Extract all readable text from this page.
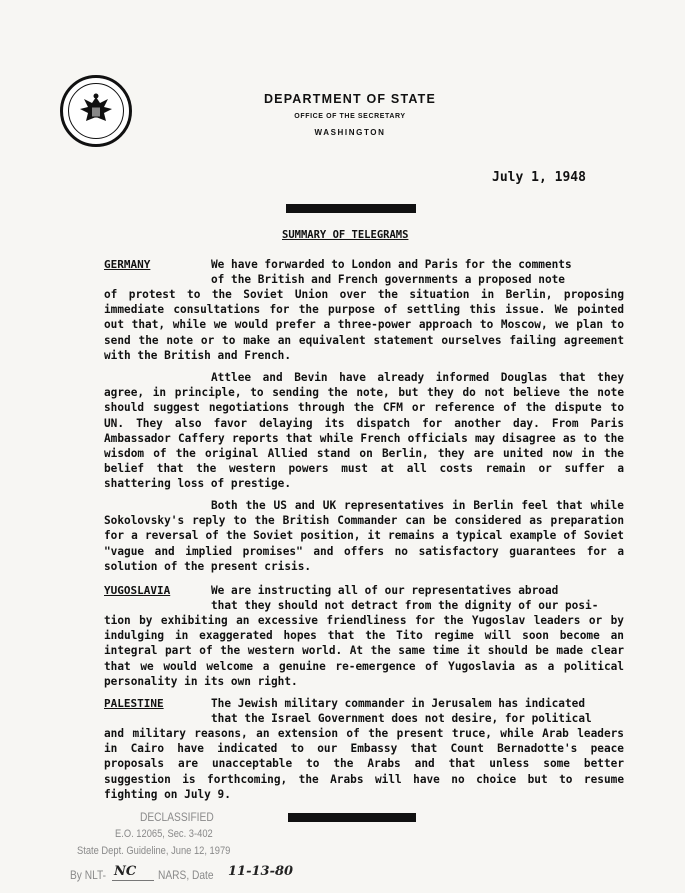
DEPARTMENT OF STATE
OFFICE OF THE SECRETARY
WASHINGTON
July 1, 1948
SUMMARY OF TELEGRAMS
GERMANY	We have forwarded to London and Paris for the comments
of the British and French governments a proposed note

of protest to the Soviet Union over the situation in Berlin, proposing immediate consultations for the purpose of settling this issue. We pointed out that, while we would prefer a three-power approach to Moscow, we plan to send the note or to make an equivalent statement ourselves failing agreement with the British and French.

Attlee and Bevin have already informed Douglas that they agree, in principle, to sending the note, but they do not believe the note should suggest negotiations through the CFM or reference of the dispute to UN. They also favor delaying its dispatch for another day. From Paris Ambassador Caffery reports that while French officials may disagree as to the wisdom of the original Allied stand on Berlin, they are united now in the belief that the western powers must at all costs remain or suffer a shattering loss of prestige.

Both the US and UK representatives in Berlin feel that while Sokolovsky's reply to the British Commander can be considered as preparation for a reversal of the Soviet position, it remains a typical example of Soviet "vague and implied promises" and offers no satisfactory guarantees for a solution of the present crisis.

YUGOSLAVIA	We are instructing all of our representatives abroad
that they should not detract from the dignity of our posi-

tion by exhibiting an excessive friendliness for the Yugoslav leaders or by indulging in exaggerated hopes that the Tito regime will soon become an integral part of the western world. At the same time it should be made clear that we would welcome a genuine re-emergence of Yugoslavia as a political personality in its own right.

PALESTINE	The Jewish military commander in Jerusalem has indicated
that the Israel Government does not desire, for political

and military reasons, an extension of the present truce, while Arab leaders in Cairo have indicated to our Embassy that Count Bernadotte's peace proposals are unacceptable to the Arabs and that unless some better suggestion is forthcoming, the Arabs will have no choice but to resume fighting on July 9.

DECLASSIFIED
E.O. 12065, Sec. 3-402
State Dept. Guideline, June 12, 1979
By NLT- NC NARS, Date 11-13-80
